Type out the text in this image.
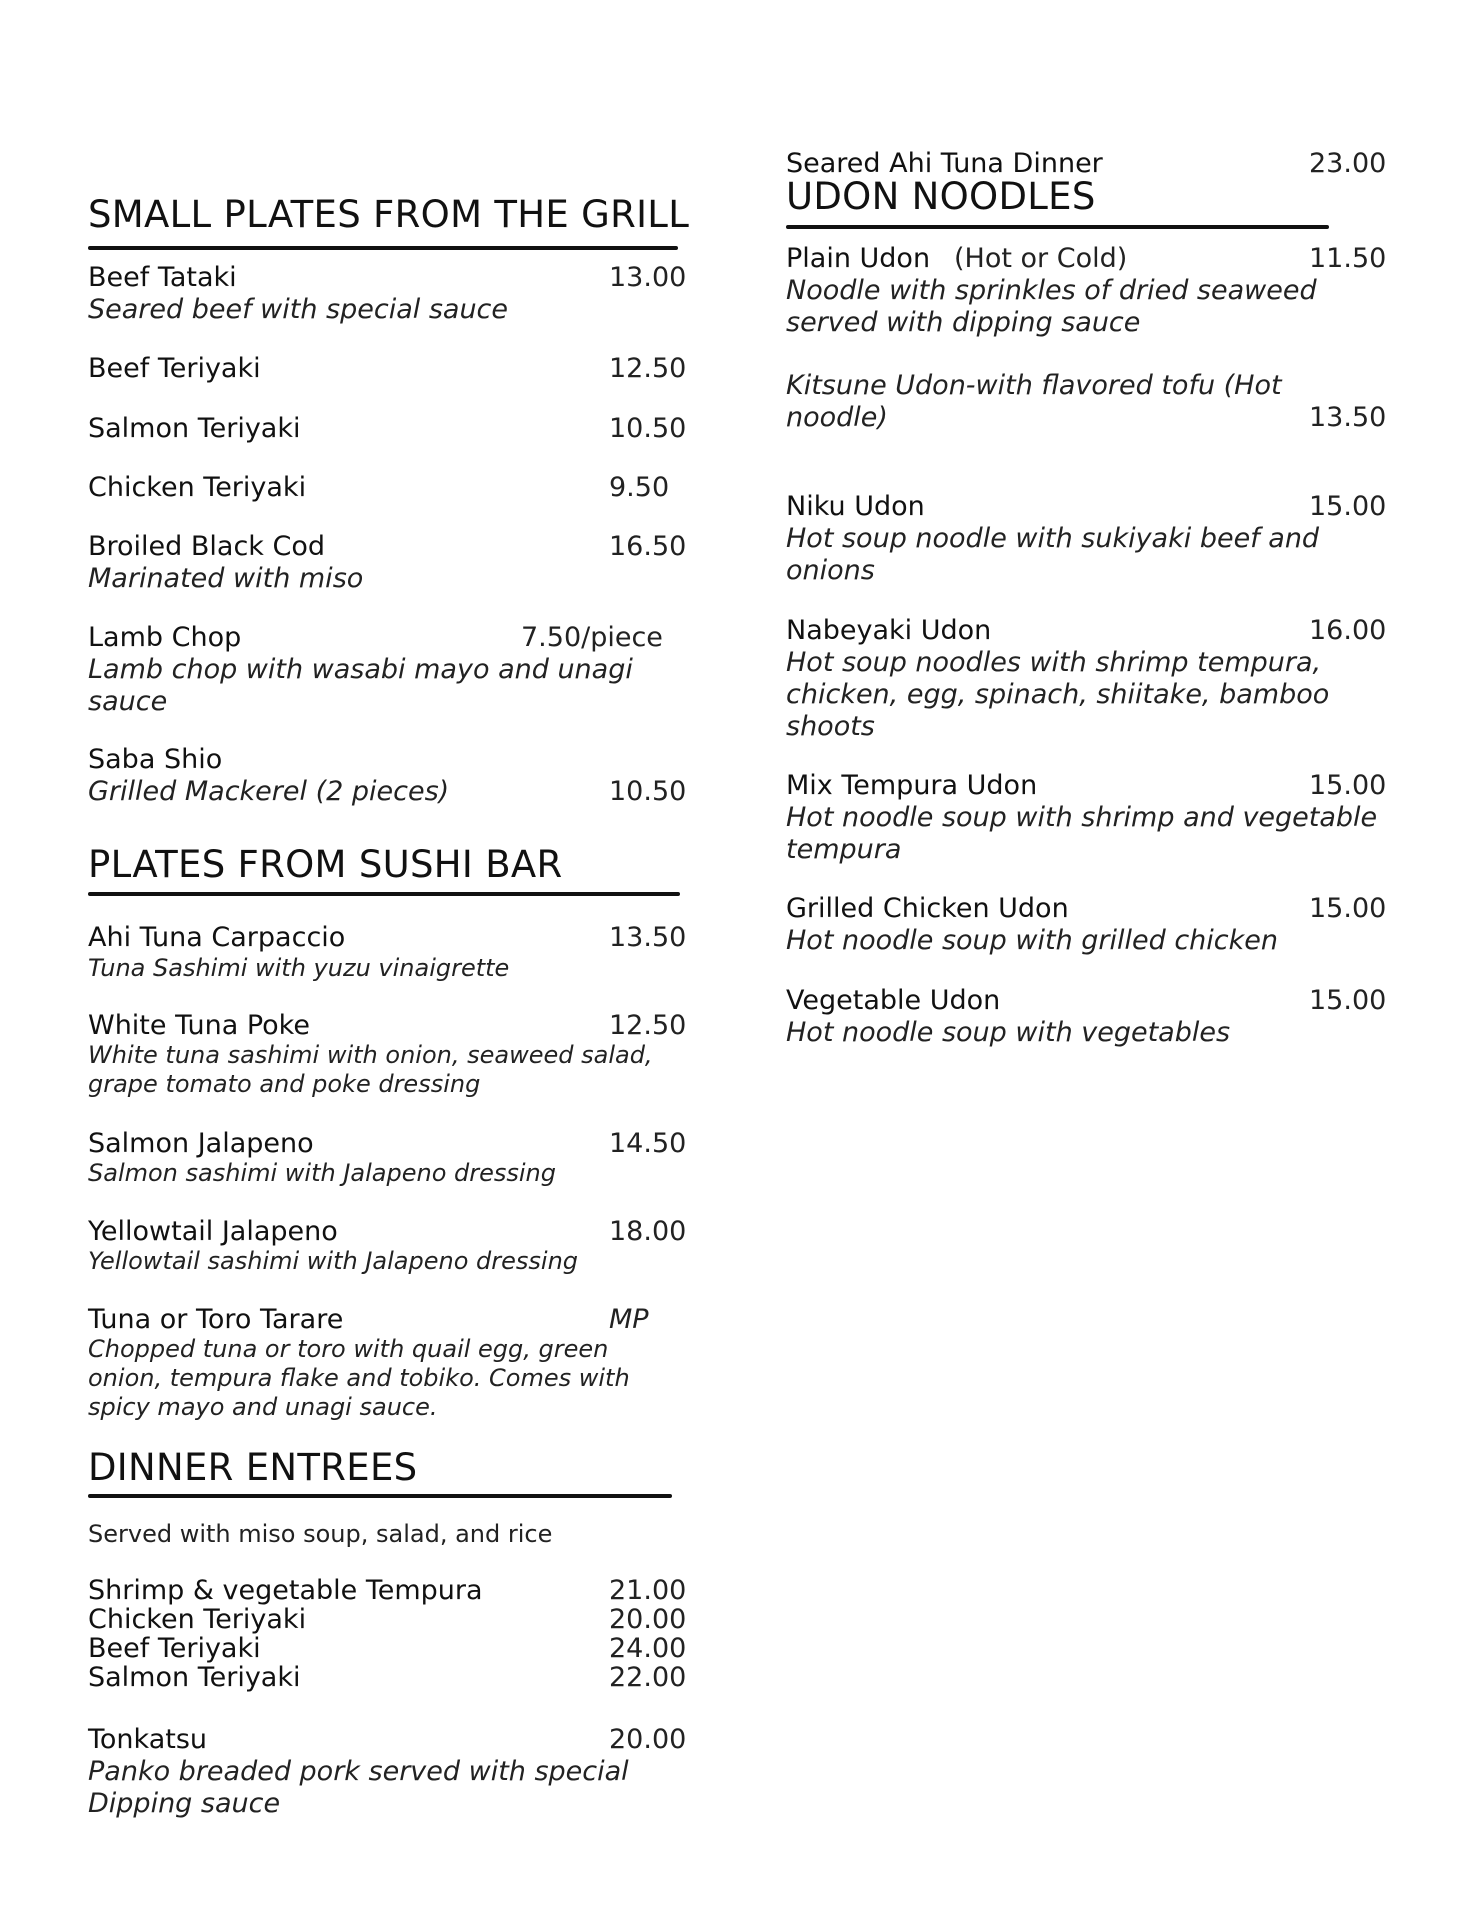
SMALL PLATES FROM THE GRILL
Beef Tataki	13.00
Seared beef with special sauce
Beef Teriyaki	12.50
Salmon Teriyaki	10.50
Chicken Teriyaki	9.50
Broiled Black Cod	16.50
Marinated with miso
Lamb Chop	7.50/piece
Lamb chop with wasabi mayo and unagi
sauce
Saba Shio
Grilled Mackerel (2 pieces)	10.50
PLATES FROM SUSHI BAR
Ahi Tuna Carpaccio	13.50
Tuna Sashimi with yuzu vinaigrette
White Tuna Poke	12.50
White tuna sashimi with onion, seaweed salad,
grape tomato and poke dressing
Salmon Jalapeno	14.50
Salmon sashimi with Jalapeno dressing
Yellowtail Jalapeno	18.00
Yellowtail sashimi with Jalapeno dressing
Tuna or Toro Tarare	MP
Chopped tuna or toro with quail egg, green
onion, tempura flake and tobiko. Comes with
spicy mayo and unagi sauce.
DINNER ENTREES
Served with miso soup, salad, and rice
Shrimp & vegetable Tempura	21.00
Chicken Teriyaki	20.00
Beef Teriyaki	24.00
Salmon Teriyaki	22.00
Tonkatsu	20.00
Panko breaded pork served with special
Dipping sauce
Seared Ahi Tuna Dinner	23.00
UDON NOODLES
Plain Udon (Hot or Cold)	11.50
Noodle with sprinkles of dried seaweed
served with dipping sauce
Kitsune Udon-with flavored tofu (Hot
noodle)	13.50
Niku Udon	15.00
Hot soup noodle with sukiyaki beef and
onions
Nabeyaki Udon	16.00
Hot soup noodles with shrimp tempura,
chicken, egg, spinach, shiitake, bamboo
shoots
Mix Tempura Udon	15.00
Hot noodle soup with shrimp and vegetable
tempura
Grilled Chicken Udon	15.00
Hot noodle soup with grilled chicken
Vegetable Udon	15.00
Hot noodle soup with vegetables
